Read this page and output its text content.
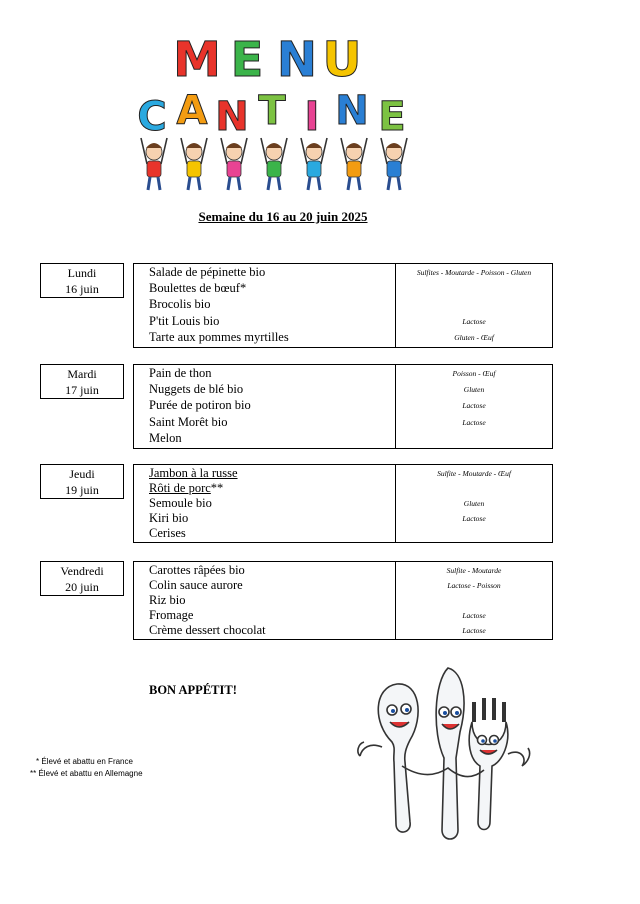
M E N U
C A N T I N E
Semaine du 16 au 20 juin 2025
Lundi
16 juin
Salade de pépinette bio	Sulfites - Moutarde - Poisson - Gluten
Boulettes de bœuf*
Brocolis bio
P'tit Louis bio	Lactose
Tarte aux pommes myrtilles	Gluten - Œuf
Mardi
17 juin
Pain de thon	Poisson - Œuf
Nuggets de blé bio	Gluten
Purée de potiron bio	Lactose
Saint Morêt bio	Lactose
Melon
Jeudi
19 juin
Jambon à la russe	Sulfite - Moutarde - Œuf
Rôti de porc**
Semoule bio	Gluten
Kiri bio	Lactose
Cerises
Vendredi
20 juin
Carottes râpées bio	Sulfite - Moutarde
Colin sauce aurore	Lactose - Poisson
Riz bio
Fromage	Lactose
Crème dessert chocolat	Lactose
BON APPÉTIT!
* Élevé et abattu en France
** Élevé et abattu en Allemagne
